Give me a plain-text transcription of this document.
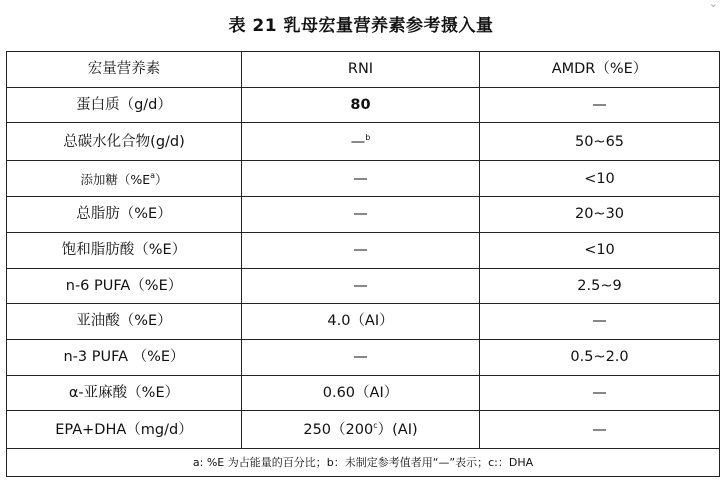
表 21 乳母宏量营养素参考摄入量
⌄
宏量营养素	RNI	AMDR（%E）
蛋白质（g/d）	80	—
总碳水化合物(g/d)	—$^b$	50~65
添加糖$(\%E^a)$	—	<10
总脂肪（%E）	—	20~30
饱和脂肪酸（%E）	—	<10
n-6 PUFA（%E）	—	2.5~9
亚油酸（%E）	4.0（AI）	—
n-3 PUFA （%E）	—	0.5~2.0
α-亚麻酸（%E）	0.60（AI）	—
EPA+DHA（mg/d）	250（200$^c$）(AI)	—
a: %E 为占能量的百分比；b：未制定参考值者用“—”表示；c:：DHA		
